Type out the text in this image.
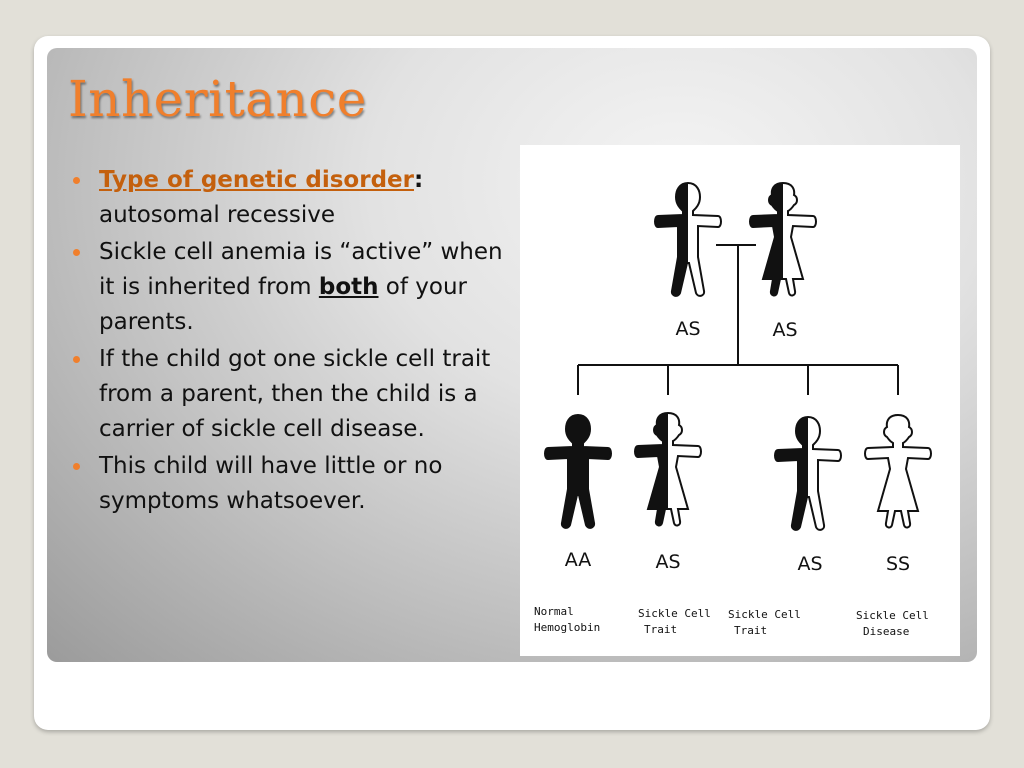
Inheritance
Type of genetic disorder:
autosomal recessive
Sickle cell anemia is “active” when it is inherited from both of your parents.
If the child got one sickle cell trait from a parent, then the child is a carrier of sickle cell disease.
This child will have little or no symptoms whatsoever.
AS	AS
AA	AS	AS	SS
Normal
Hemoglobin
Sickle Cell
Trait
Sickle Cell
Trait
Sickle Cell
Disease
